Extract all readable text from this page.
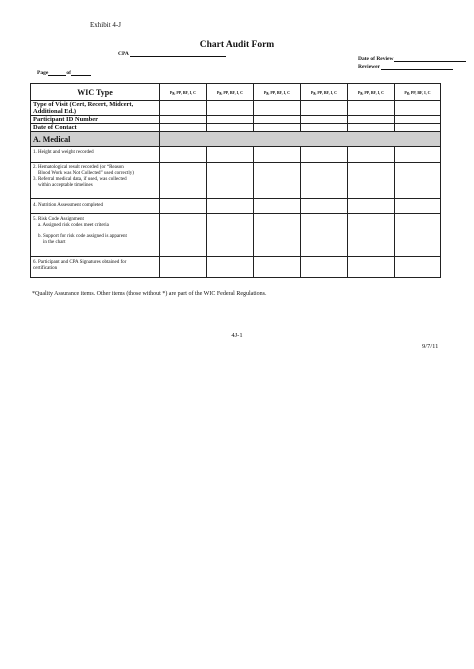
Exhibit 4-J
Chart Audit Form
CPA
Date of Review
Reviewer
Page	of
WIC Type	Pg, PP, BF, I, C	Pg, PP, BF, I, C	Pg, PP, BF, I, C	Pg, PP, BF, I, C	Pg, PP, BF, I, C	Pg, PP, BF, I, C
Type of Visit (Cert, Recert, Midcert,
Additional Ed.)						
Participant ID Number						
Date of Contact						
A. Medical						
1. Height and weight recorded						
2. Hematological result recorded (or “Reason
Blood Work was Not Collected” used correctly)
3. Referral medical data, if used, was collected
within acceptable timelines						

4. Nutrition Assessment completed						
5. Risk Code Assignment
a. Assigned risk codes meet criteria
b. Support for risk code assigned is apparent
in the chart						

6. Participant and CPA Signatures obtained for
certification						
*Quality Assurance items. Other items (those without *) are part of the WIC Federal Regulations.
4J-1
9/7/11
